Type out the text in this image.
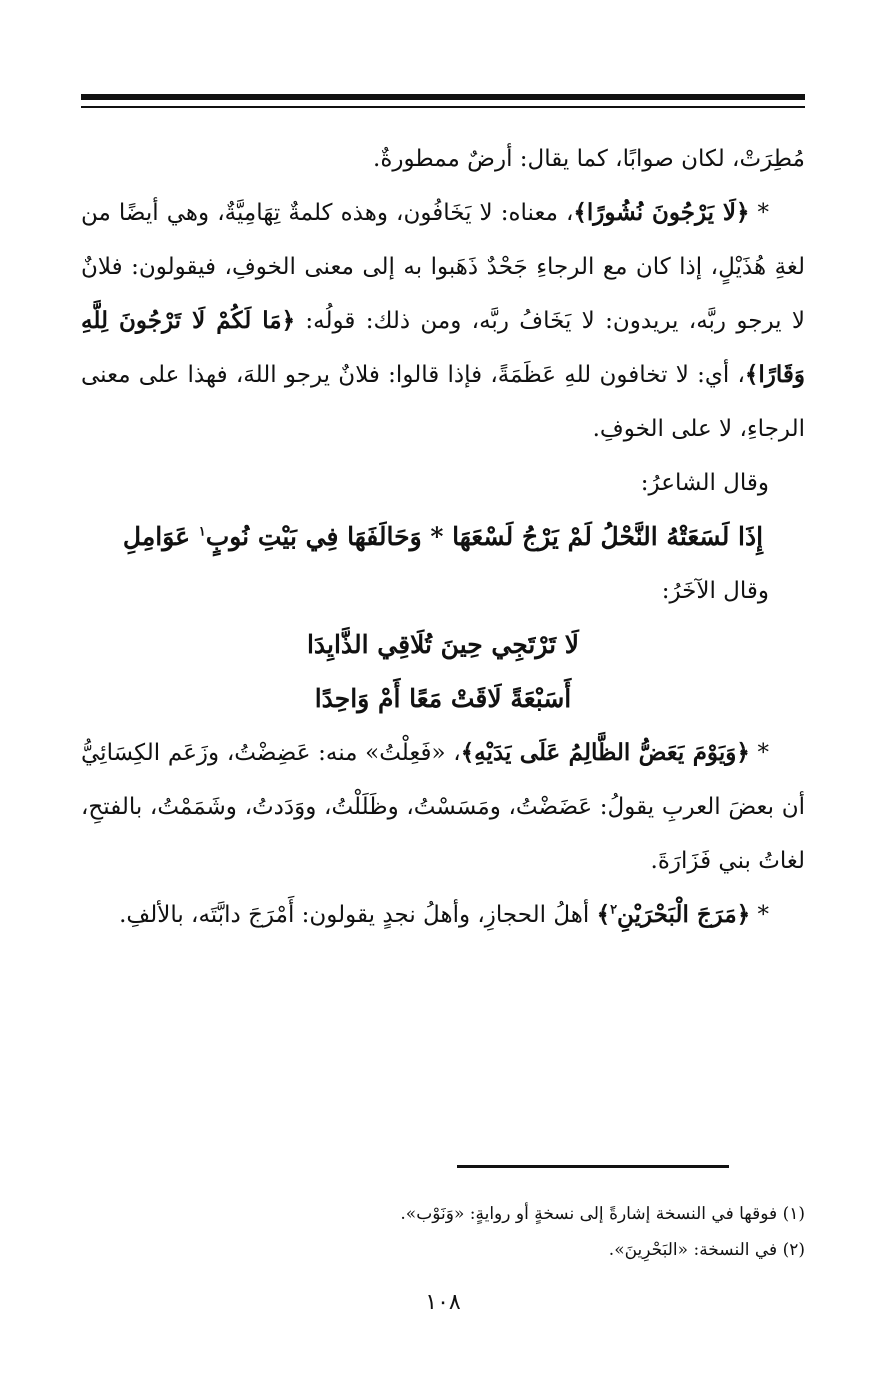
مُطِرَتْ، لكان صوابًا، كما يقال: أرضٌ ممطورةٌ.

* ﴿لَا يَرْجُونَ نُشُورًا﴾، معناه: لا يَخَافُون، وهذه كلمةٌ تِهَامِيَّةٌ، وهي أيضًا من لغةِ هُذَيْلٍ، إذا كان مع الرجاءِ جَحْدٌ ذَهَبوا به إلى معنى الخوفِ، فيقولون: فلانٌ لا يرجو ربَّه، يريدون: لا يَخَافُ ربَّه، ومن ذلك: قولُه: ﴿مَا لَكُمْ لَا تَرْجُونَ لِلَّهِ وَقَارًا﴾، أي: لا تخافون للهِ عَظَمَةً، فإذا قالوا: فلانٌ يرجو اللهَ، فهذا على معنى الرجاءِ، لا على الخوفِ.

وقال الشاعرُ:

إِذَا لَسَعَتْهُ النَّحْلُ لَمْ يَرْجُ لَسْعَهَا * وَحَالَفَهَا فِي بَيْتِ نُوبٍ$^١$ عَوَامِلِ

وقال الآخَرُ:

لَا تَرْتَجِي حِينَ تُلَاقِي الذَّايِدَا

أَسَبْعَةً لَاقَتْ مَعًا أَمْ وَاحِدًا

* ﴿وَيَوْمَ يَعَضُّ الظَّالِمُ عَلَى يَدَيْهِ﴾، «فَعِلْتُ» منه: عَضِضْتُ، وزَعَم الكِسَائِيُّ أن بعضَ العربِ يقولُ: عَضَضْتُ، ومَسَسْتُ، وظَلَلْتُ، ووَدَدتُ، وشَمَمْتُ، بالفتحِ، لغاتُ بني فَزَارَةَ.

* ﴿مَرَجَ الْبَحْرَيْنِ$^٢$﴾ أهلُ الحجازِ، وأهلُ نجدٍ يقولون: أَمْرَجَ دابَّتَه، بالألفِ.

(١) فوقها في النسخة إشارةً إلى نسخةٍ أو روايةٍ: «وَنَوْب».

(٢) في النسخة: «البَحْرِينَ».

١٠٨
